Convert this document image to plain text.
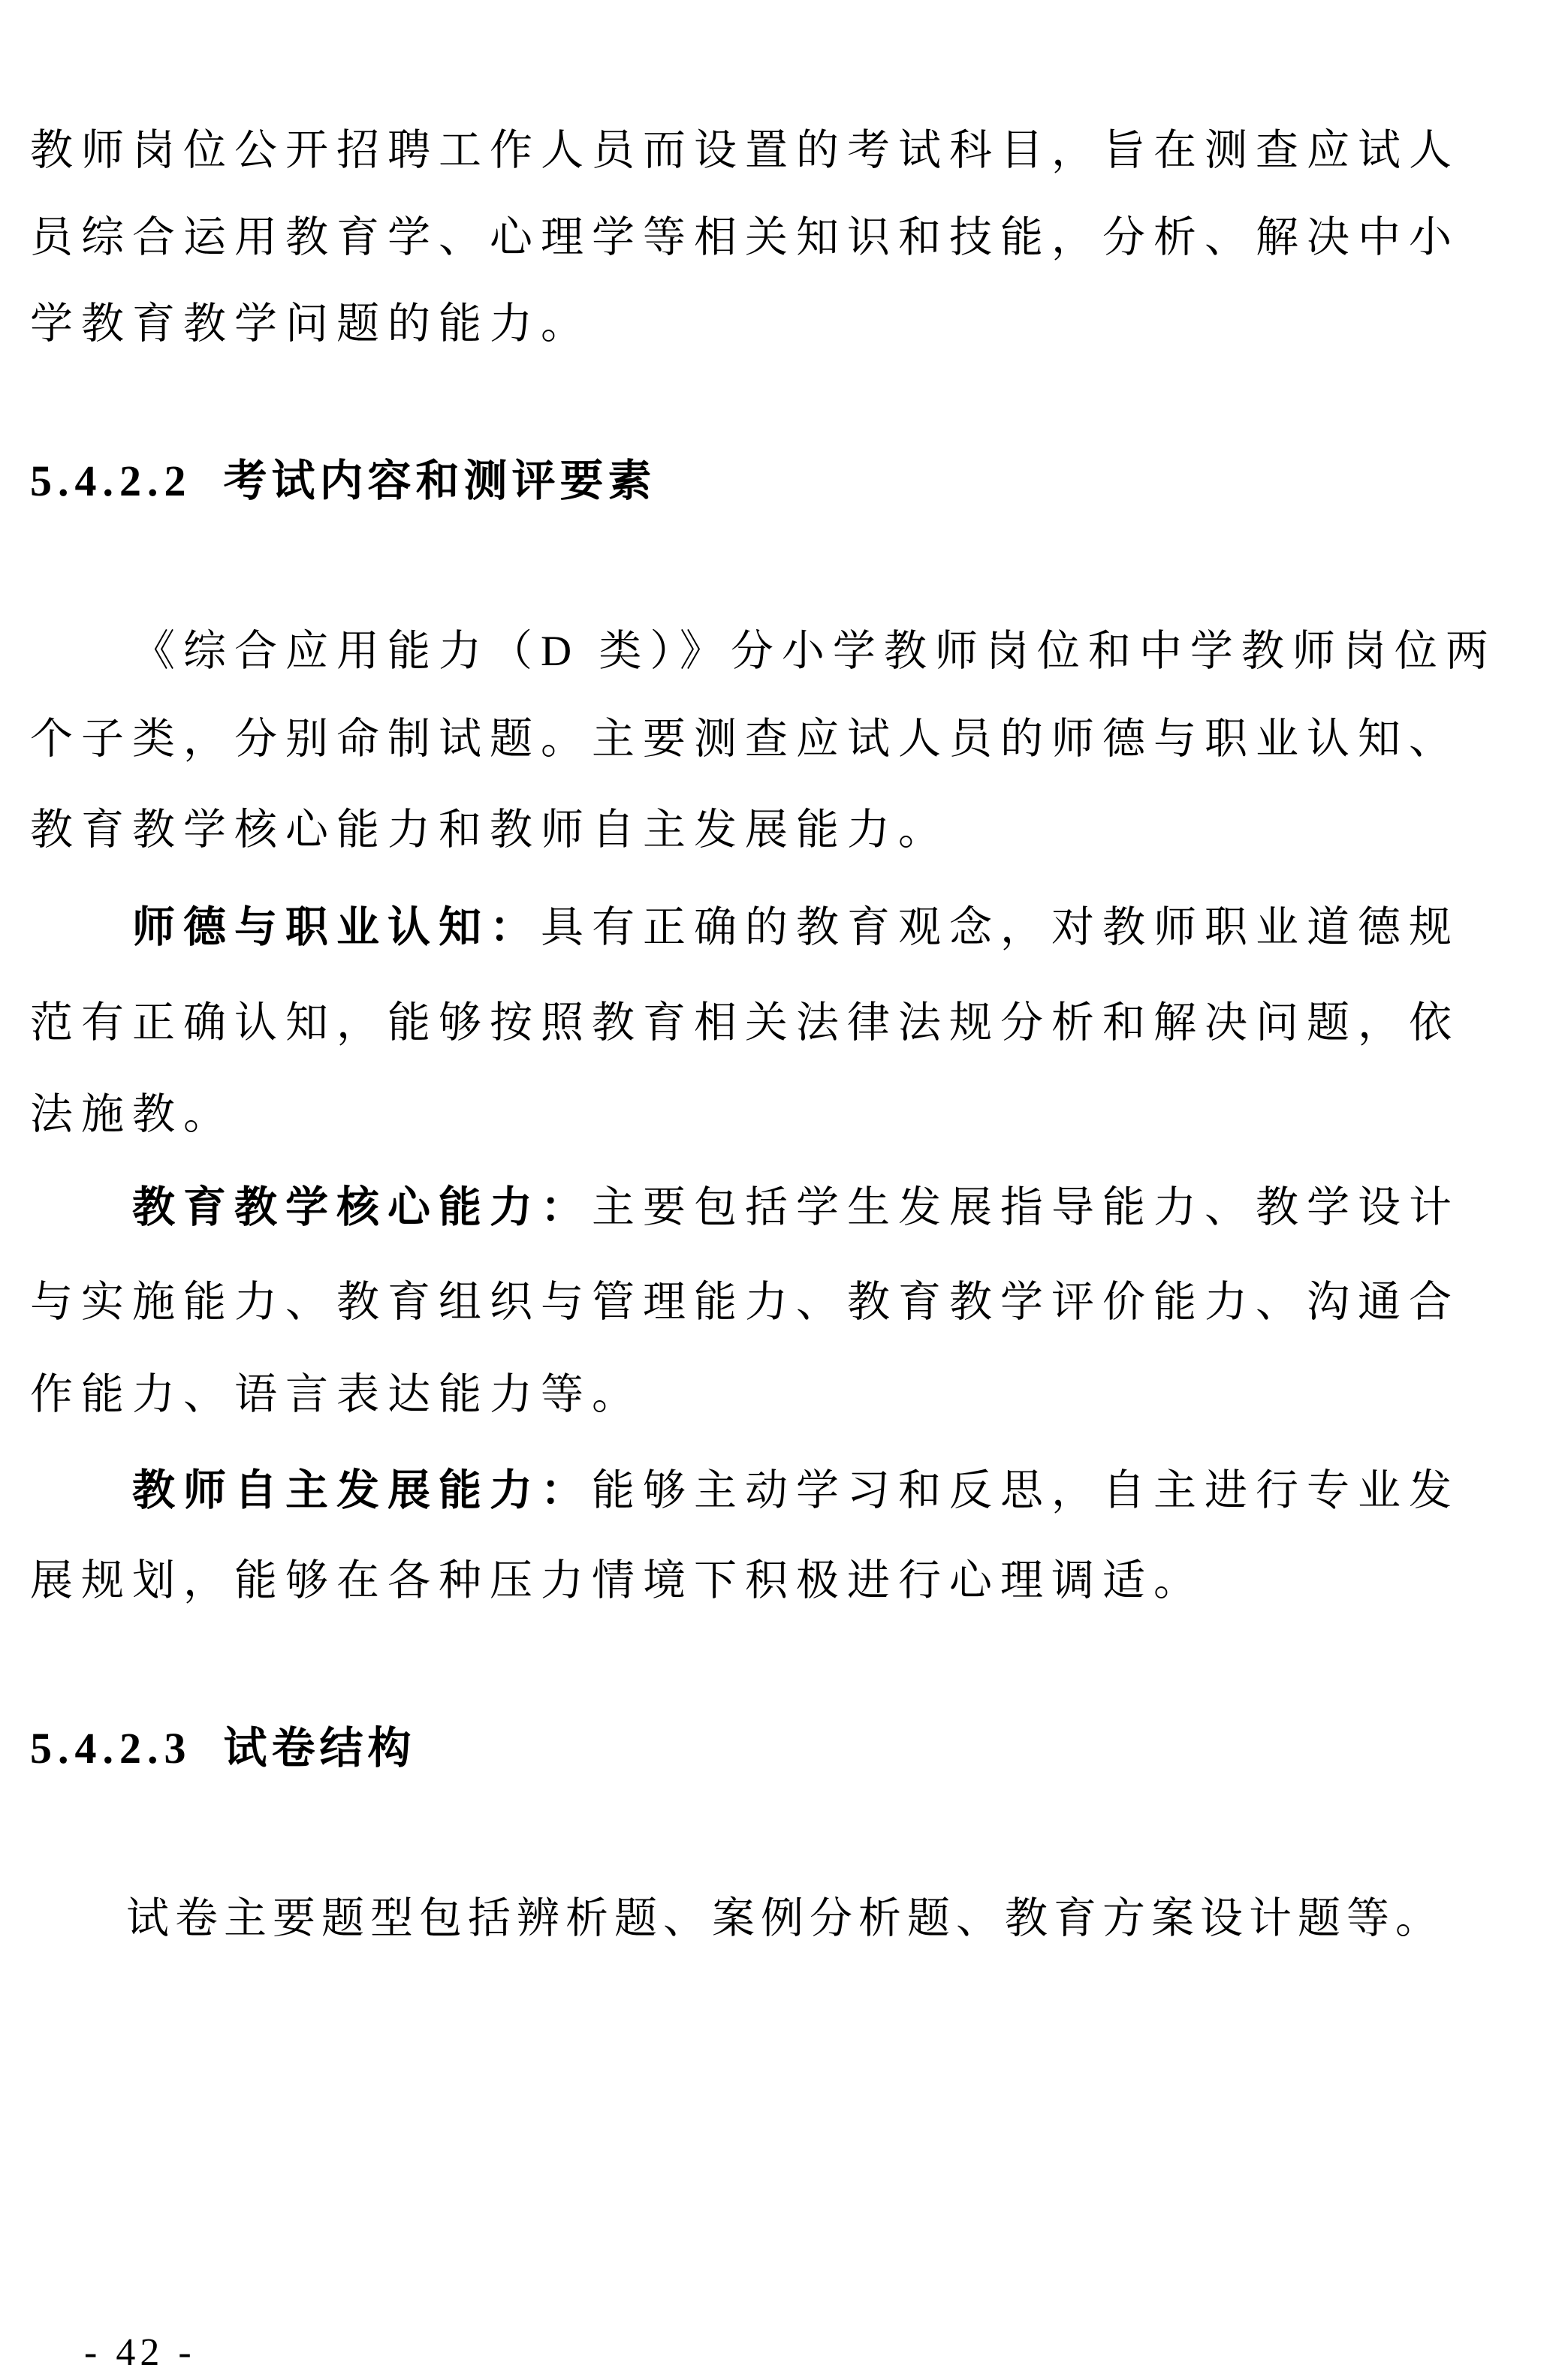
教师岗位公开招聘工作人员而设置的考试科目，旨在测查应试人
员综合运用教育学、心理学等相关知识和技能，分析、解决中小
学教育教学问题的能力。
5.4.2.2 考试内容和测评要素
《综合应用能力（D 类）》分小学教师岗位和中学教师岗位两
个子类，分别命制试题。主要测查应试人员的师德与职业认知、
教育教学核心能力和教师自主发展能力。
师德与职业认知：具有正确的教育观念，对教师职业道德规
范有正确认知，能够按照教育相关法律法规分析和解决问题，依
法施教。
教育教学核心能力：主要包括学生发展指导能力、教学设计
与实施能力、教育组织与管理能力、教育教学评价能力、沟通合
作能力、语言表达能力等。
教师自主发展能力：能够主动学习和反思，自主进行专业发
展规划，能够在各种压力情境下积极进行心理调适。
5.4.2.3 试卷结构
试卷主要题型包括辨析题、案例分析题、教育方案设计题等。
- 42 -
